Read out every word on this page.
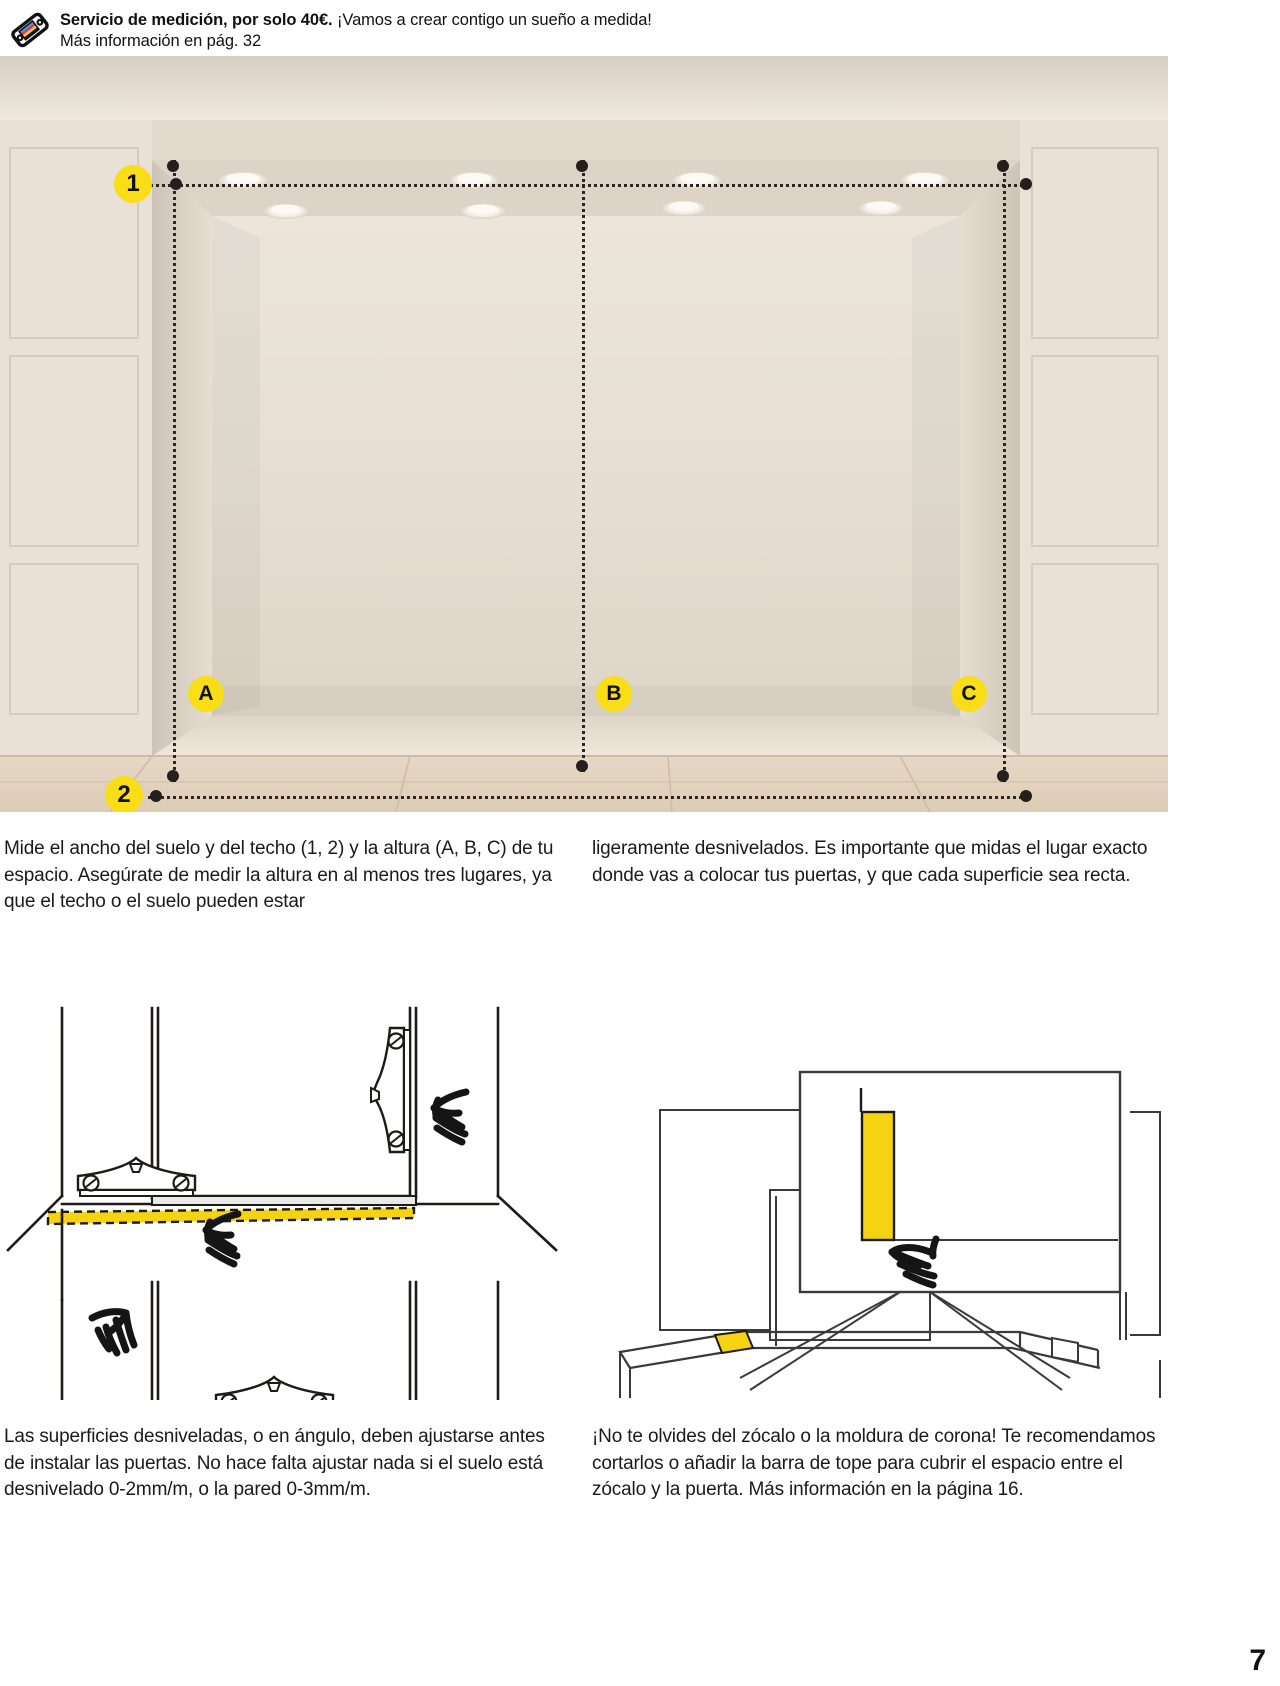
Servicio de medición, por solo 40€. ¡Vamos a crear contigo un sueño a medida!
Más información en pág. 32
1
2
A	B	C
Mide el ancho del suelo y del techo (1, 2) y la altura (A, B, C) de tu espacio. Asegúrate de medir la altura en al menos tres lugares, ya que el techo o el suelo pueden estar
ligeramente desnivelados. Es importante que midas el lugar exacto donde vas a colocar tus puertas, y que cada superficie sea recta.
Las superficies desniveladas, o en ángulo, deben ajustarse antes de instalar las puertas. No hace falta ajustar nada si el suelo está desnivelado 0-2mm/m, o la pared 0-3mm/m.
¡No te olvides del zócalo o la moldura de corona! Te recomendamos cortarlos o añadir la barra de tope para cubrir el espacio entre el zócalo y la puerta. Más información en la página 16.
7
